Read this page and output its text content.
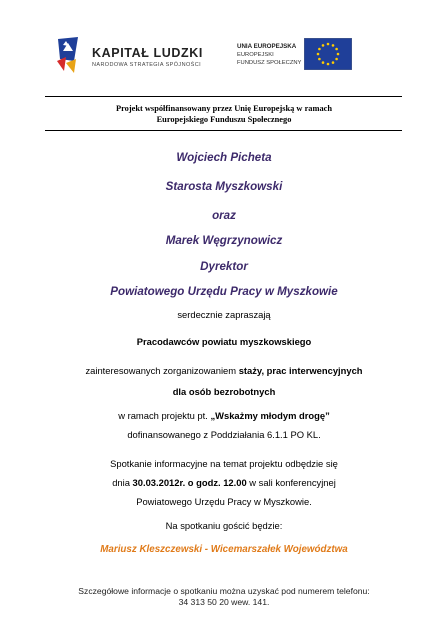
KAPITAŁ LUDZKI
NARODOWA STRATEGIA SPÓJNOŚCI
UNIA EUROPEJSKA
EUROPEJSKI
FUNDUSZ SPOŁECZNY
Projekt współfinansowany przez Unię Europejską w ramach
Europejskiego Funduszu Społecznego
Wojciech Picheta
Starosta Myszkowski
oraz
Marek Węgrzynowicz
Dyrektor
Powiatowego Urzędu Pracy w Myszkowie
serdecznie zapraszają
Pracodawców powiatu myszkowskiego
zainteresowanych zorganizowaniem staży, prac interwencyjnych
dla osób bezrobotnych
w ramach projektu pt. „Wskażmy młodym drogę”
dofinansowanego z Poddziałania 6.1.1 PO KL.
Spotkanie informacyjne na temat projektu odbędzie się
dnia 30.03.2012r. o godz. 12.00 w sali konferencyjnej
Powiatowego Urzędu Pracy w Myszkowie.
Na spotkaniu gościć będzie:
Mariusz Kleszczewski - Wicemarszałek Województwa
Szczegółowe informacje o spotkaniu można uzyskać pod numerem telefonu:
34 313 50 20 wew. 141.
